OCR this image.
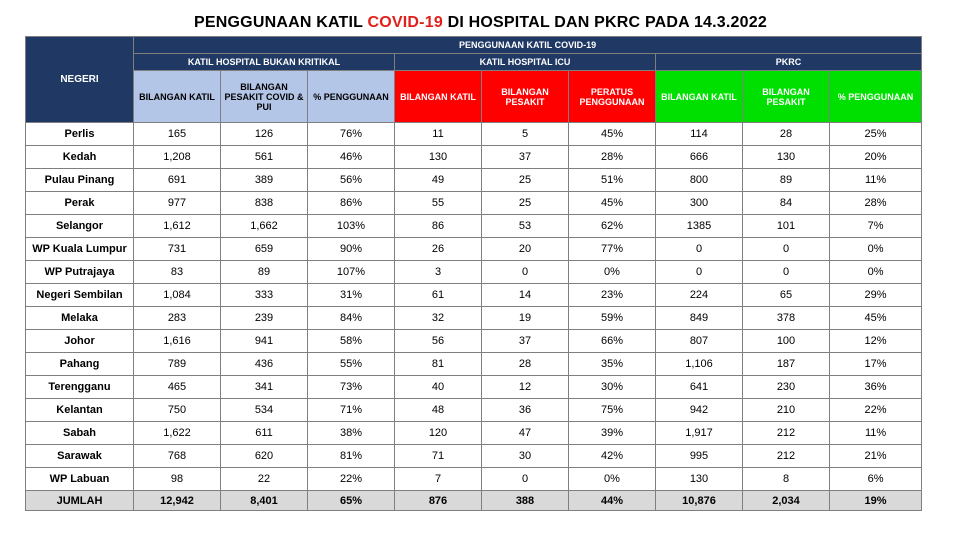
PENGGUNAAN KATIL COVID-19 DI HOSPITAL DAN PKRC PADA 14.3.2022
NEGERI	PENGGUNAAN KATIL COVID-19								
	KATIL HOSPITAL BUKAN KRITIKAL			KATIL HOSPITAL ICU			PKRC		
	BILANGAN KATIL	BILANGAN PESAKIT COVID & PUI	% PENGGUNAAN	BILANGAN KATIL	BILANGAN PESAKIT	PERATUS PENGGUNAAN	BILANGAN KATIL	BILANGAN PESAKIT	% PENGGUNAAN
Perlis	165	126	76%	11	5	45%	114	28	25%
Kedah	1,208	561	46%	130	37	28%	666	130	20%
Pulau Pinang	691	389	56%	49	25	51%	800	89	11%
Perak	977	838	86%	55	25	45%	300	84	28%
Selangor	1,612	1,662	103%	86	53	62%	1385	101	7%
WP Kuala Lumpur	731	659	90%	26	20	77%	0	0	0%
WP Putrajaya	83	89	107%	3	0	0%	0	0	0%
Negeri Sembilan	1,084	333	31%	61	14	23%	224	65	29%
Melaka	283	239	84%	32	19	59%	849	378	45%
Johor	1,616	941	58%	56	37	66%	807	100	12%
Pahang	789	436	55%	81	28	35%	1,106	187	17%
Terengganu	465	341	73%	40	12	30%	641	230	36%
Kelantan	750	534	71%	48	36	75%	942	210	22%
Sabah	1,622	611	38%	120	47	39%	1,917	212	11%
Sarawak	768	620	81%	71	30	42%	995	212	21%
WP Labuan	98	22	22%	7	0	0%	130	8	6%
JUMLAH	12,942	8,401	65%	876	388	44%	10,876	2,034	19%
